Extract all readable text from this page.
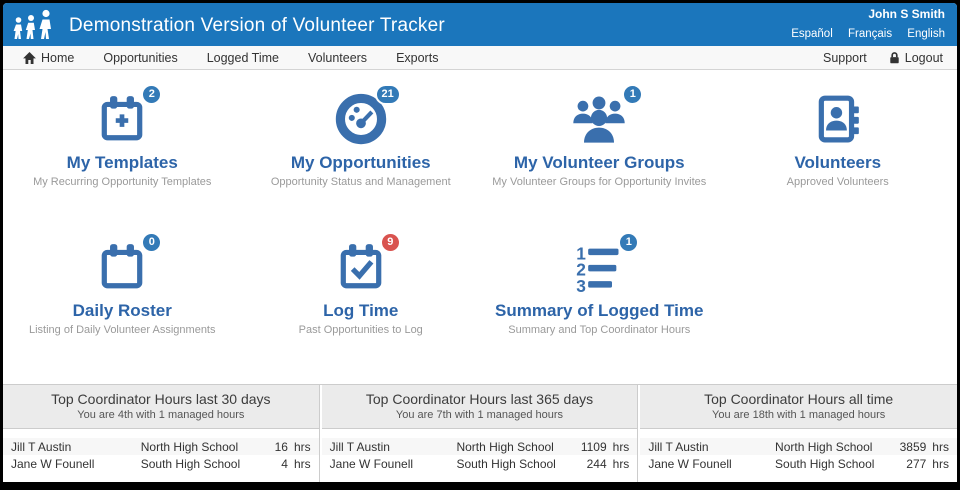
Demonstration Version of Volunteer Tracker
John S Smith
Español Français English
Home Opportunities Logged Time Volunteers Exports	Support	Logout
2
My Templates
My Recurring Opportunity Templates
21
My Opportunities
Opportunity Status and Management
1
My Volunteer Groups
My Volunteer Groups for Opportunity Invites
Volunteers
Approved Volunteers
0
Daily Roster
Listing of Daily Volunteer Assignments
9
Log Time
Past Opportunities to Log
1
2
3
1
Summary of Logged Time
Summary and Top Coordinator Hours
Top Coordinator Hours last 30 days
You are 4th with 1 managed hours
Jill T Austin	North High School	16	hrs
Jane W Founell	South High School	4	hrs
Top Coordinator Hours last 365 days
You are 7th with 1 managed hours
Jill T Austin	North High School	1109	hrs
Jane W Founell	South High School	244	hrs
Top Coordinator Hours all time
You are 18th with 1 managed hours
Jill T Austin	North High School	3859	hrs
Jane W Founell	South High School	277	hrs
